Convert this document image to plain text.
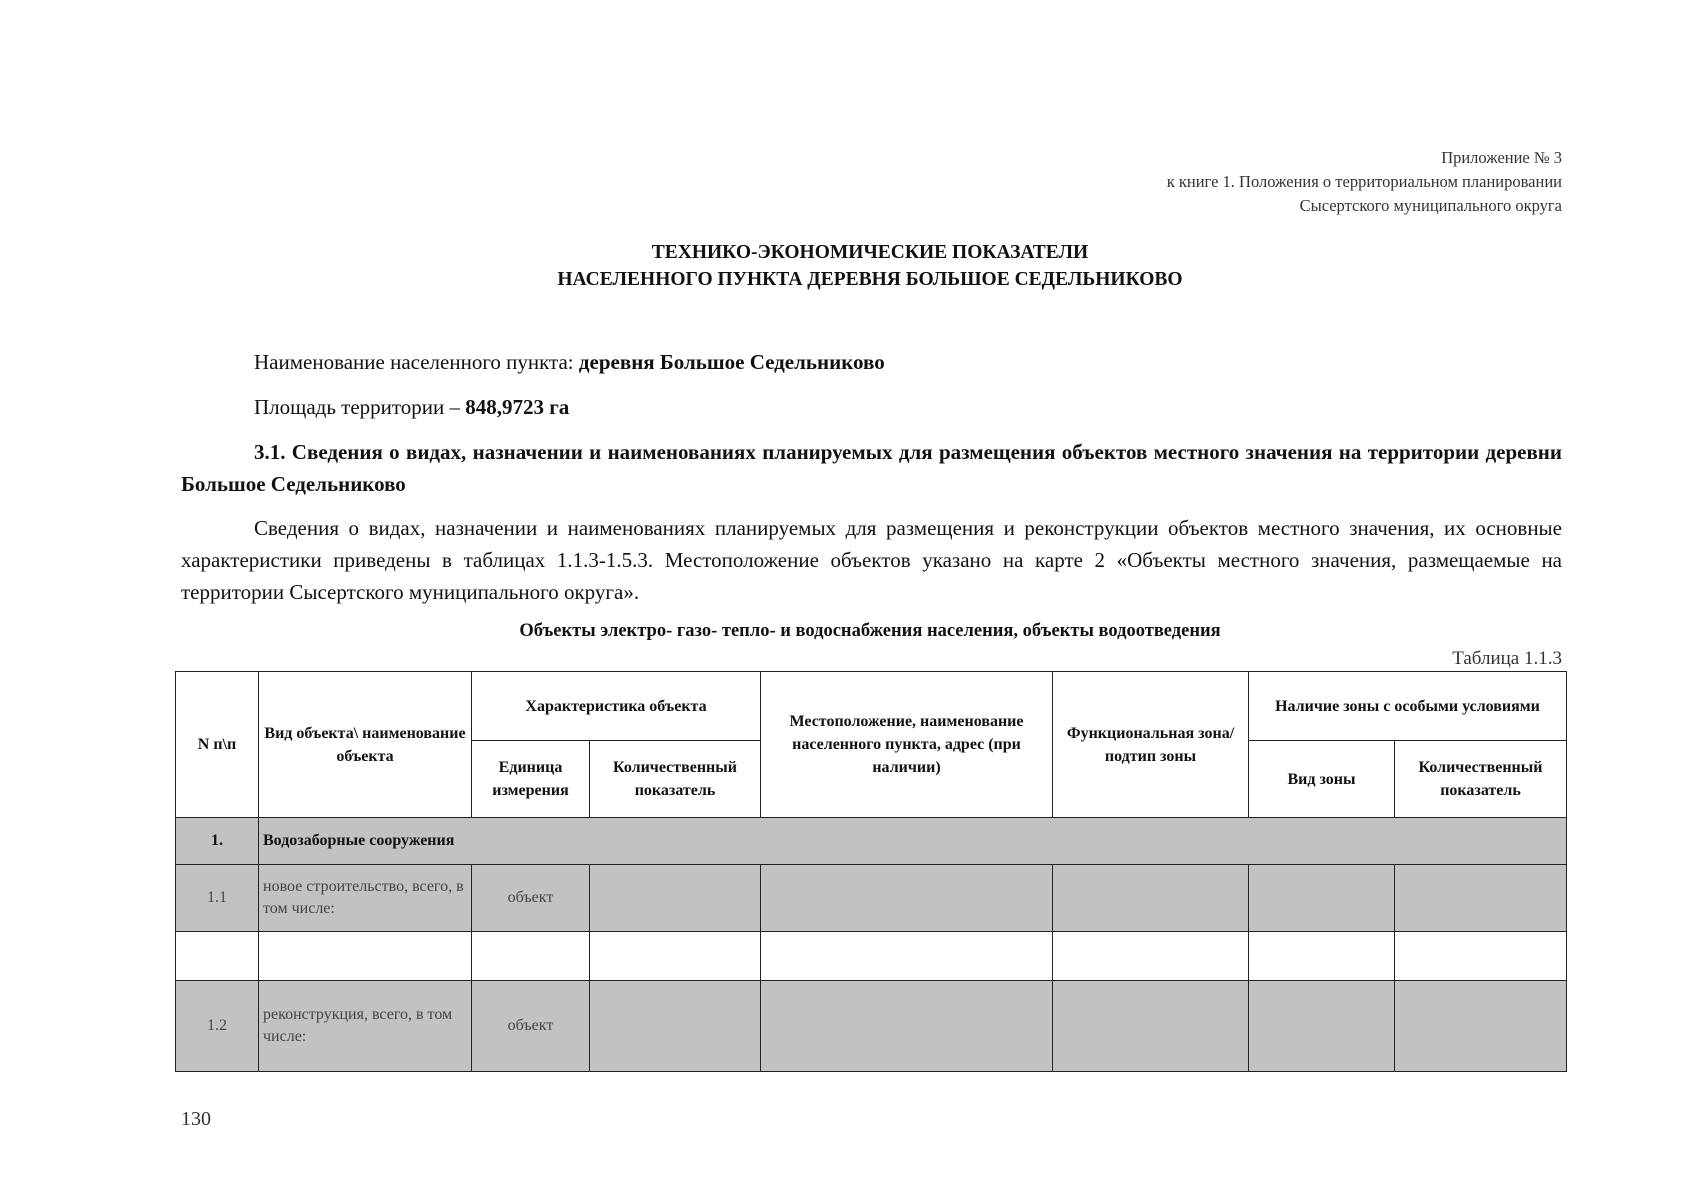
Приложение № 3
к книге 1. Положения о территориальном планировании
Сысертского муниципального округа
ТЕХНИКО-ЭКОНОМИЧЕСКИЕ ПОКАЗАТЕЛИ
НАСЕЛЕННОГО ПУНКТА ДЕРЕВНЯ БОЛЬШОЕ СЕДЕЛЬНИКОВО
Наименование населенного пункта: деревня Большое Седельниково
Площадь территории – 848,9723 га
3.1. Сведения о видах, назначении и наименованиях планируемых для размещения объектов местного значения на территории деревни Большое Седельниково
Сведения о видах, назначении и наименованиях планируемых для размещения и реконструкции объектов местного значения, их основные характеристики приведены в таблицах 1.1.3-1.5.3. Местоположение объектов указано на карте 2 «Объекты местного значения, размещаемые на территории Сысертского муниципального округа».
Объекты электро- газо- тепло- и водоснабжения населения, объекты водоотведения
Таблица 1.1.3
N п\п	Вид объекта\ наименование объекта	Характеристика объекта		Местоположение, наименование населенного пункта, адрес (при наличии)	Функциональная зона/ подтип зоны	Наличие зоны с особыми условиями	
		Единица измерения	Количественный показатель			Вид зоны	Количественный показатель
1.	Водозаборные сооружения						
1.1	новое строительство, всего, в том числе:	объект					

1.2	реконструкция, всего, в том числе:	объект					
130
